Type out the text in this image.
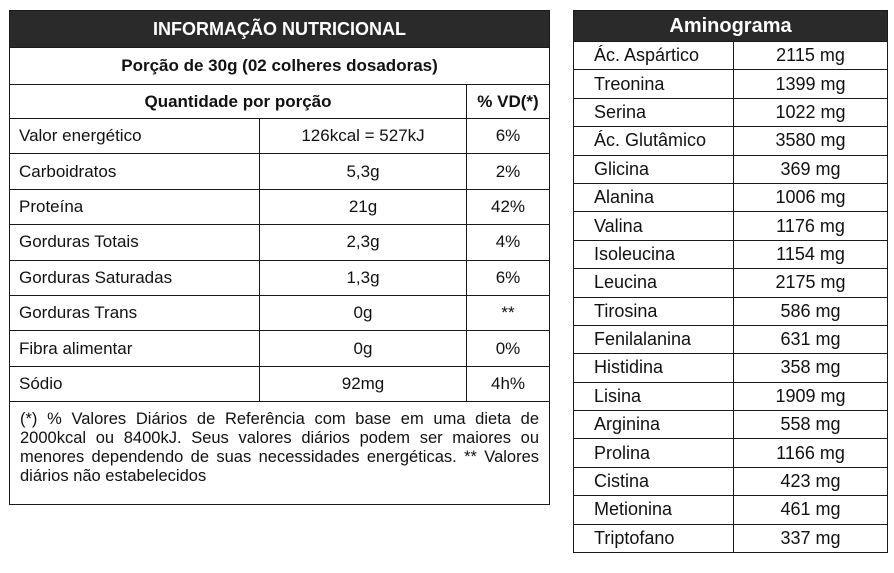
INFORMAÇÃO NUTRICIONAL		
Porção de 30g (02 colheres dosadoras)		
Quantidade por porção		% VD(*)
Valor energético	126kcal = 527kJ	6%
Carboidratos	5,3g	2%
Proteína	21g	42%
Gorduras Totais	2,3g	4%
Gorduras Saturadas	1,3g	6%
Gorduras Trans	0g	**
Fibra alimentar	0g	0%
Sódio	92mg	4h%
(*) % Valores Diários de Referência com base em uma dieta de 2000kcal ou 8400kJ. Seus valores diários podem ser maiores ou menores dependendo de suas necessidades energéticas. ** Valores diários não estabelecidos		
Aminograma	
Ác. Aspártico	2115 mg
Treonina	1399 mg
Serina	1022 mg
Ác. Glutâmico	3580 mg
Glicina	369 mg
Alanina	1006 mg
Valina	1176 mg
Isoleucina	1154 mg
Leucina	2175 mg
Tirosina	586 mg
Fenilalanina	631 mg
Histidina	358 mg
Lisina	1909 mg
Arginina	558 mg
Prolina	1166 mg
Cistina	423 mg
Metionina	461 mg
Triptofano	337 mg
